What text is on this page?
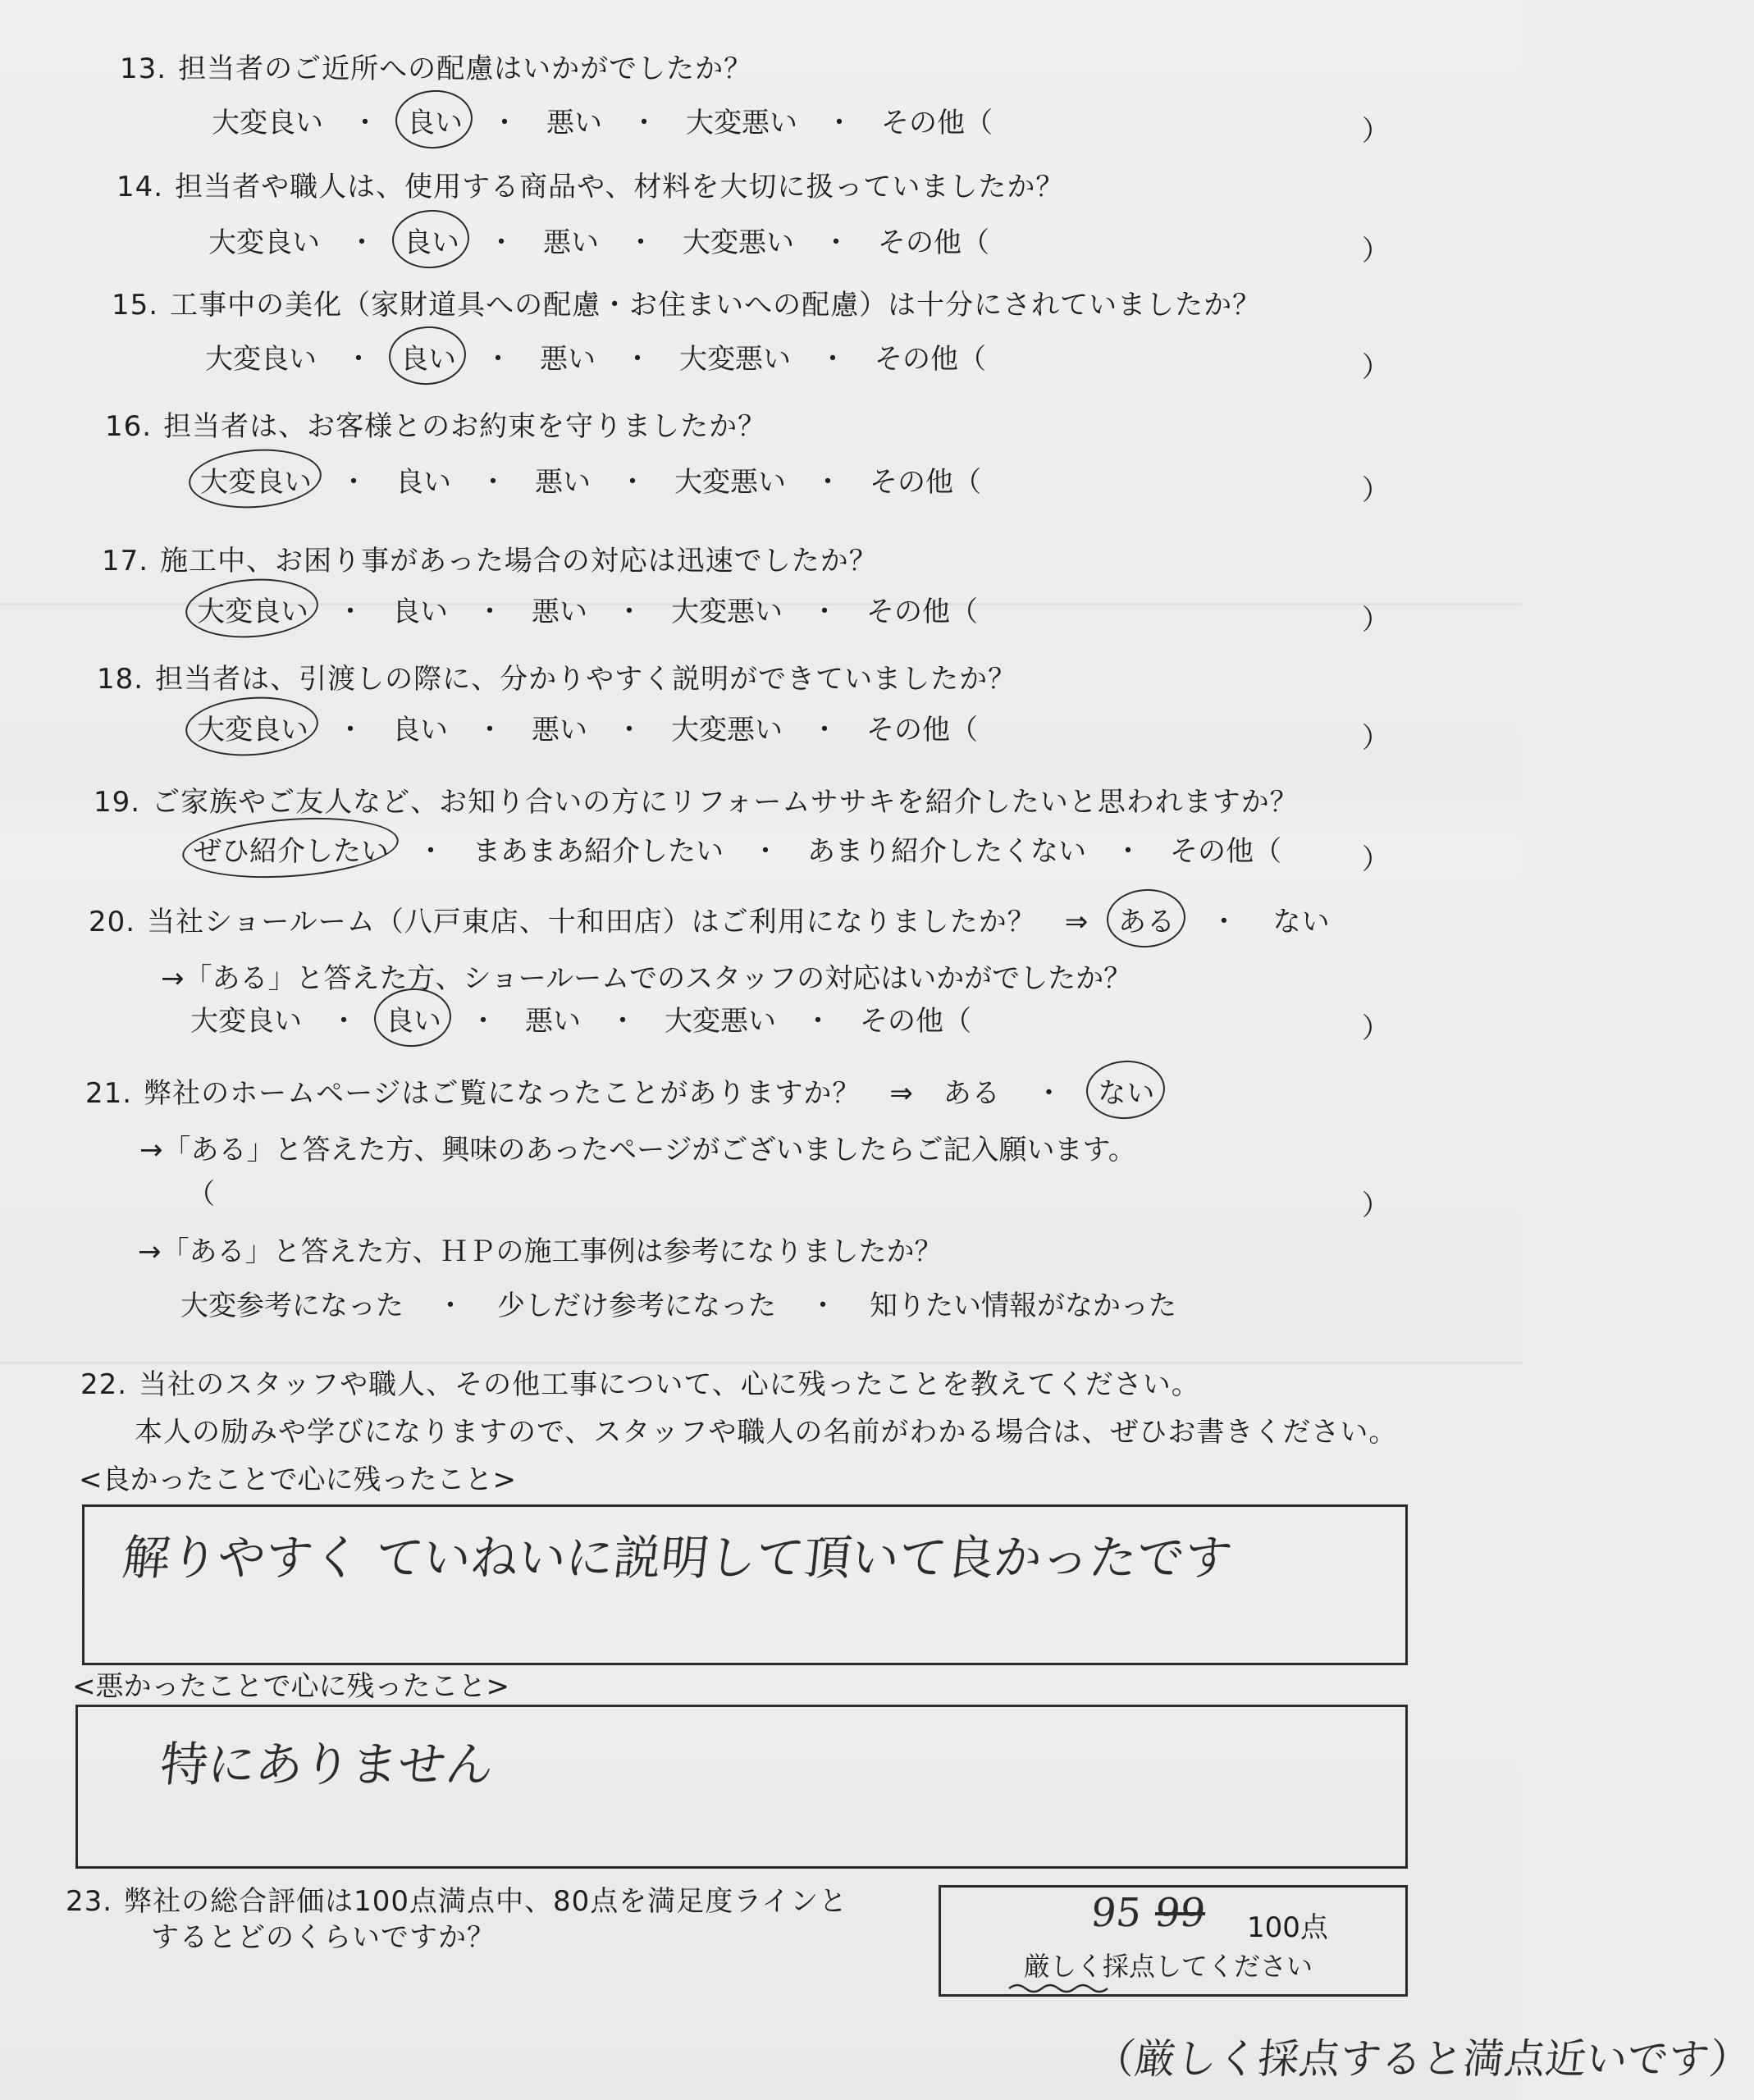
13. 担当者のご近所への配慮はいかがでしたか？
大変良い ・ 良い ・ 悪い ・ 大変悪い ・ その他（	）
14. 担当者や職人は、使用する商品や、材料を大切に扱っていましたか？
大変良い ・ 良い ・ 悪い ・ 大変悪い ・ その他（	）
15. 工事中の美化（家財道具への配慮・お住まいへの配慮）は十分にされていましたか？
大変良い ・ 良い ・ 悪い ・ 大変悪い ・ その他（	）
16. 担当者は、お客様とのお約束を守りましたか？
大変良い ・ 良い ・ 悪い ・ 大変悪い ・ その他（	）
17. 施工中、お困り事があった場合の対応は迅速でしたか？
大変良い ・ 良い ・ 悪い ・ 大変悪い ・ その他（	）
18. 担当者は、引渡しの際に、分かりやすく説明ができていましたか？
大変良い ・ 良い ・ 悪い ・ 大変悪い ・ その他（	）
19. ご家族やご友人など、お知り合いの方にリフォームササキを紹介したいと思われますか？
ぜひ紹介したい ・ まあまあ紹介したい ・ あまり紹介したくない ・ その他（	）
20. 当社ショールーム（八戸東店、十和田店）はご利用になりましたか？　⇒ ある ・ ない
→「ある」と答えた方、ショールームでのスタッフの対応はいかがでしたか？
大変良い ・ 良い ・ 悪い ・ 大変悪い ・ その他（	）
21. 弊社のホームページはご覧になったことがありますか？　⇒ ある ・ ない
→「ある」と答えた方、興味のあったページがございましたらご記入願います。
（	）
→「ある」と答えた方、ＨＰの施工事例は参考になりましたか？
大変参考になった ・ 少しだけ参考になった ・ 知りたい情報がなかった
22. 当社のスタッフや職人、その他工事について、心に残ったことを教えてください。
本人の励みや学びになりますので、スタッフや職人の名前がわかる場合は、ぜひお書きください。
<良かったことで心に残ったこと>
解りやすく ていねいに説明して頂いて良かったです
<悪かったことで心に残ったこと>
特にありません
23. 弊社の総合評価は100点満点中、80点を満足度ラインと
するとどのくらいですか？
95 99 100点
厳しく採点してください
（厳しく採点すると満点近いです）
